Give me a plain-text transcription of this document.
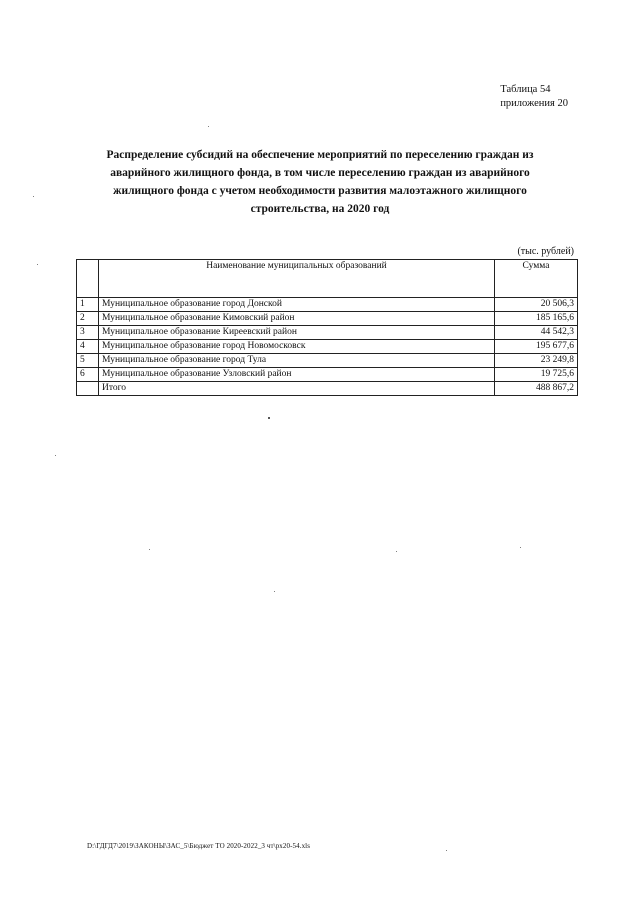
Таблица 54
приложения 20
Распределение субсидий на обеспечение мероприятий по переселению граждан из
аварийного жилищного фонда, в том числе переселению граждан из аварийного
жилищного фонда с учетом необходимости развития малоэтажного жилищного
строительства, на 2020 год
(тыс. рублей)
	Наименование муниципальных образований	Сумма
1	Муниципальное образование город Донской	20 506,3
2	Муниципальное образование Кимовский район	185 165,6
3	Муниципальное образование Киреевский район	44 542,3
4	Муниципальное образование город Новомосковск	195 677,6
5	Муниципальное образование город Тула	23 249,8
6	Муниципальное образование Узловский район	19 725,6
	Итого	488 867,2
D:\ГДГД7\2019\ЗАКОНЫ\ЗАС_5\Бюджет ТО 2020-2022_3 чт\рх20-54.xls
